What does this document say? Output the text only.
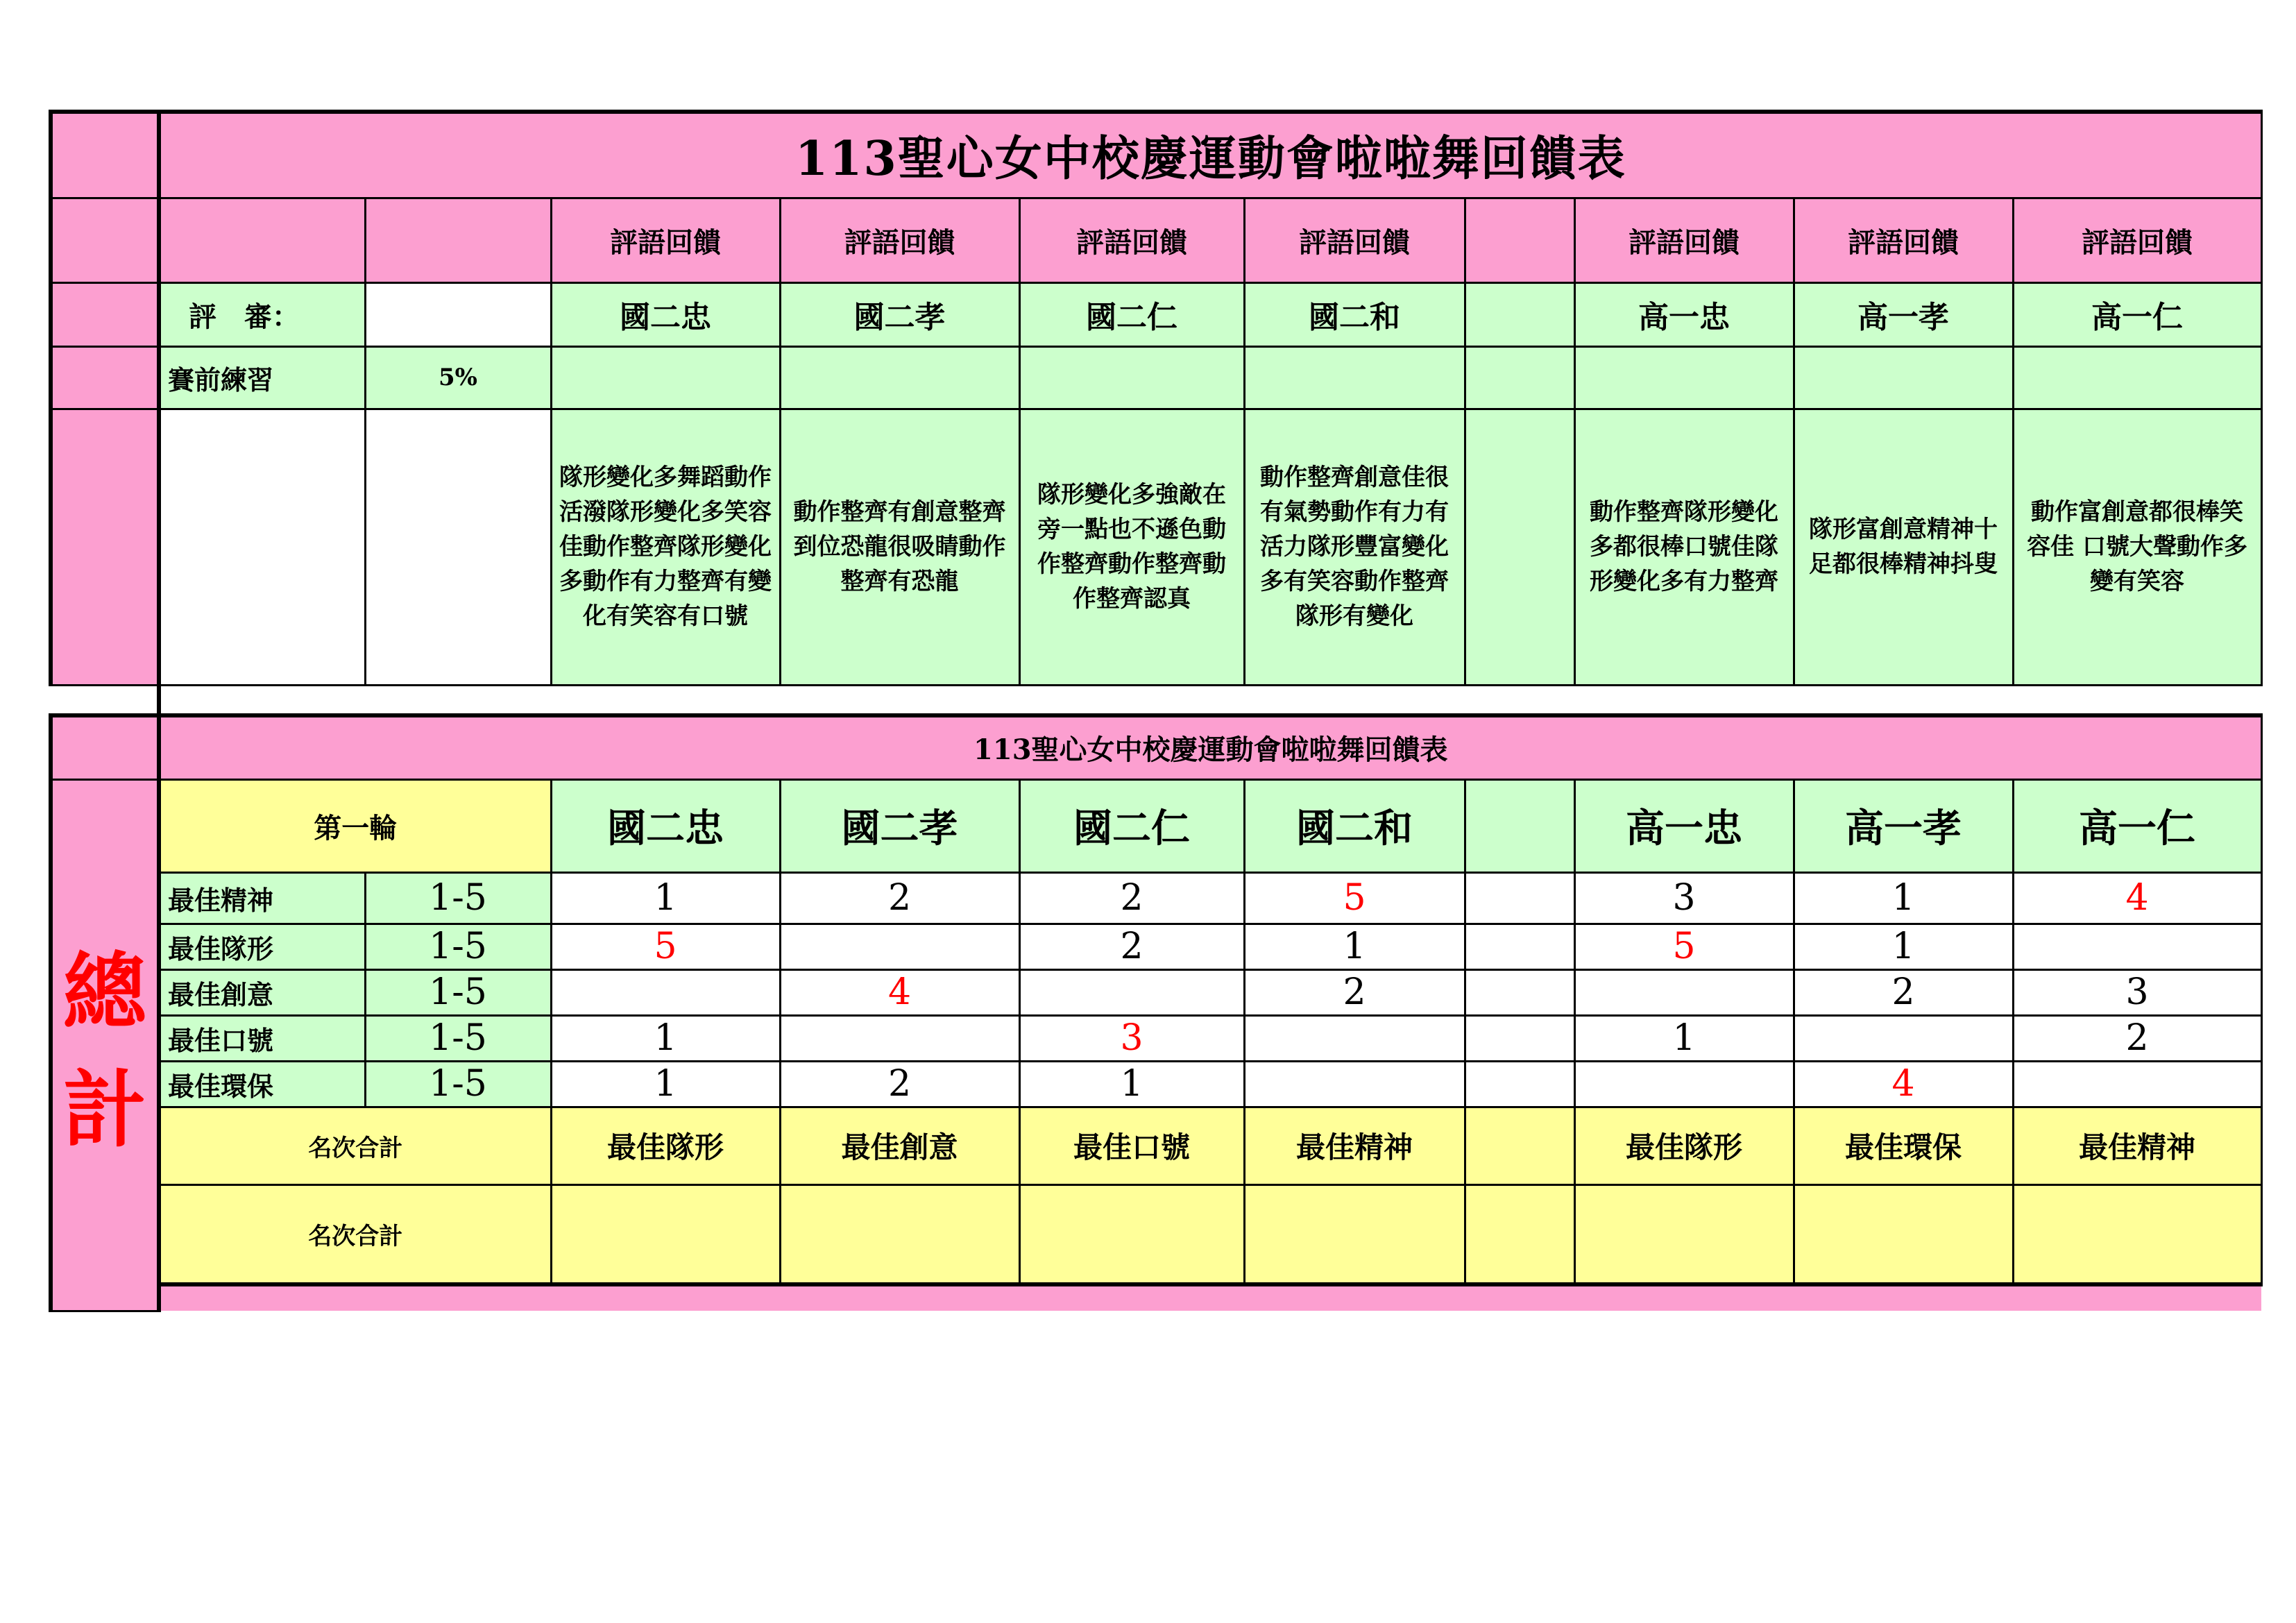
	113聖心女中校慶運動會啦啦舞回饋表									
			評語回饋	評語回饋	評語回饋	評語回饋		評語回饋	評語回饋	評語回饋
	評　審：		國二忠	國二孝	國二仁	國二和		高一忠	高一孝	高一仁
	賽前練習	5%								
			隊形變化多舞蹈動作活潑隊形變化多笑容佳動作整齊隊形變化多動作有力整齊有變化有笑容有口號	動作整齊有創意整齊到位恐龍很吸睛動作整齊有恐龍	隊形變化多強敵在旁一點也不遜色動作整齊動作整齊動作整齊認真	動作整齊創意佳很有氣勢動作有力有活力隊形豐富變化多有笑容動作整齊隊形有變化		動作整齊隊形變化多都很棒口號佳隊形變化多有力整齊	隊形富創意精神十足都很棒精神抖叟	動作富創意都很棒笑容佳 口號大聲動作多變有笑容

	113聖心女中校慶運動會啦啦舞回饋表									

總
計	第一輪		國二忠	國二孝	國二仁	國二和		高一忠	高一孝	高一仁
	最佳精神	1-5	1	2	2	5		3	1	4
	最佳隊形	1-5	5		2	1		5	1	
	最佳創意	1-5		4		2			2	3
	最佳口號	1-5	1		3			1		2
	最佳環保	1-5	1	2	1				4	
	名次合計		最佳隊形	最佳創意	最佳口號	最佳精神		最佳隊形	最佳環保	最佳精神
	名次合計									
